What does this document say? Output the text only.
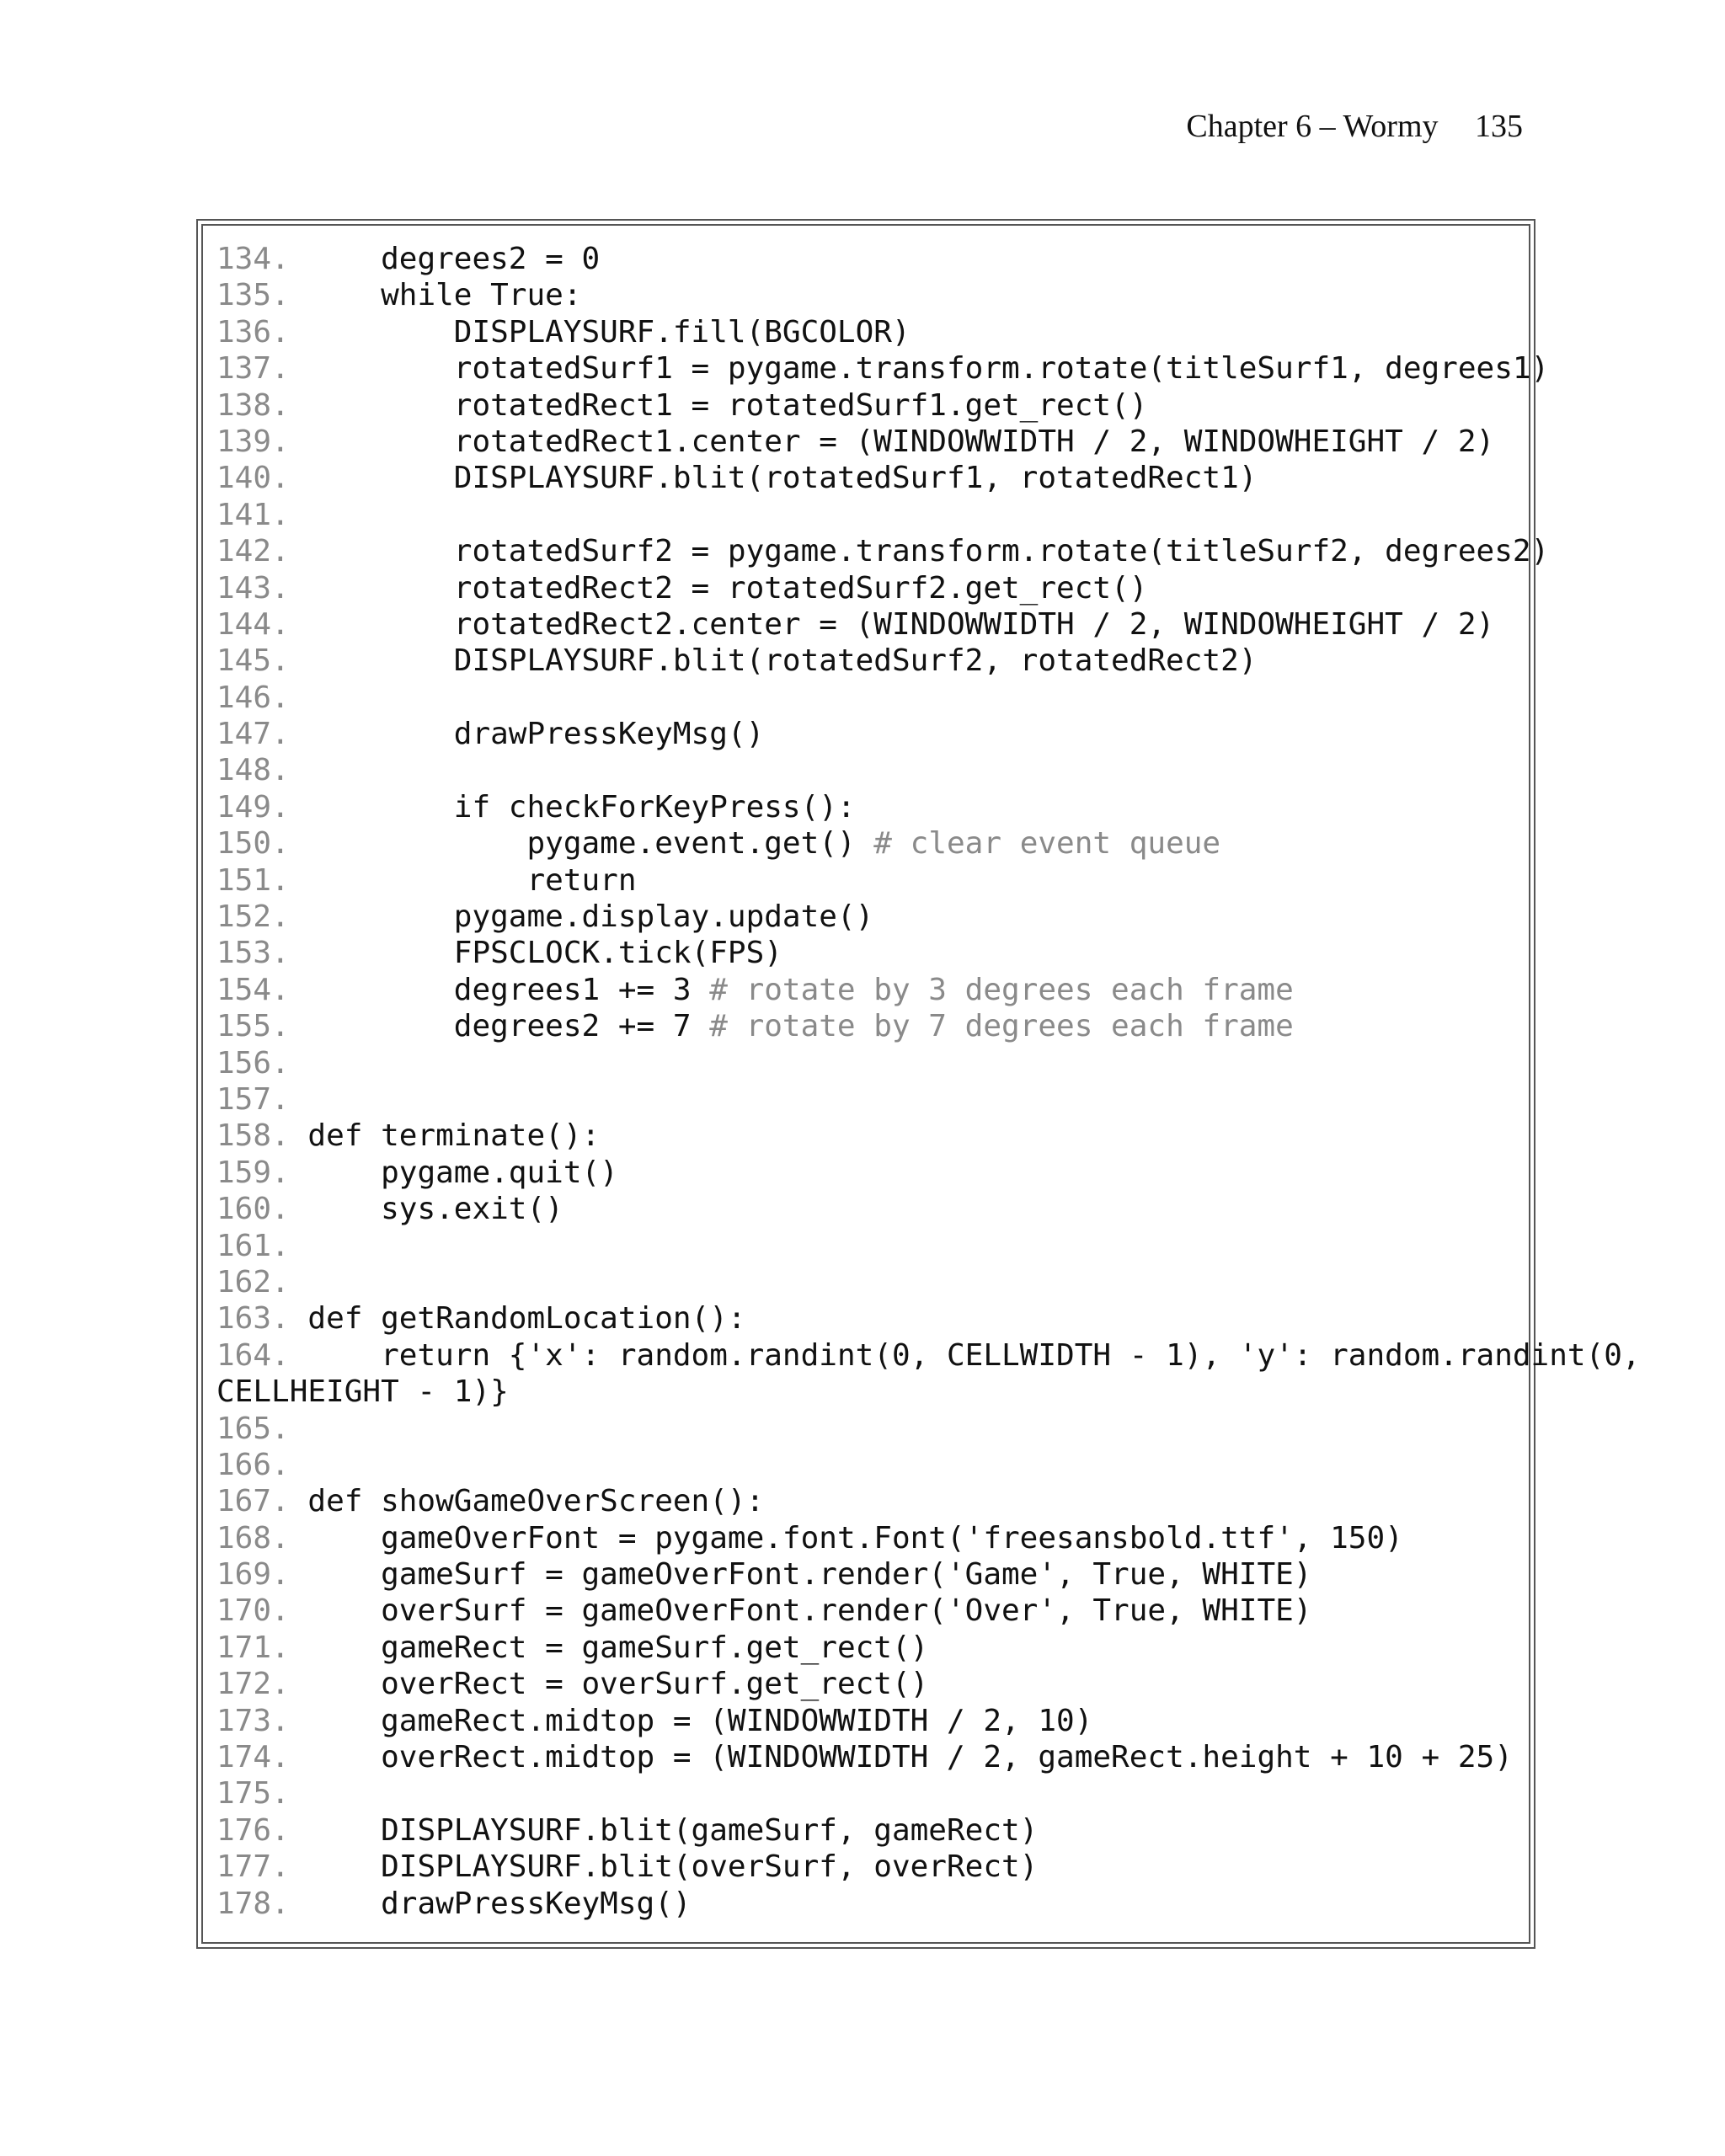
Chapter 6 – Wormy 135
134.	degrees2 = 0
135.	while True:
136.	DISPLAYSURF.fill(BGCOLOR)
137.	rotatedSurf1 = pygame.transform.rotate(titleSurf1, degrees1)
138.	rotatedRect1 = rotatedSurf1.get_rect()
139.	rotatedRect1.center = (WINDOWWIDTH / 2, WINDOWHEIGHT / 2)
140.	DISPLAYSURF.blit(rotatedSurf1, rotatedRect1)
141.
142.	rotatedSurf2 = pygame.transform.rotate(titleSurf2, degrees2)
143.	rotatedRect2 = rotatedSurf2.get_rect()
144.	rotatedRect2.center = (WINDOWWIDTH / 2, WINDOWHEIGHT / 2)
145.	DISPLAYSURF.blit(rotatedSurf2, rotatedRect2)
146.
147.	drawPressKeyMsg()
148.
149.	if checkForKeyPress():
150.	pygame.event.get() # clear event queue
151.	return
152.	pygame.display.update()
153.	FPSCLOCK.tick(FPS)
154.	degrees1 += 3 # rotate by 3 degrees each frame
155.	degrees2 += 7 # rotate by 7 degrees each frame
156.
157.
158. def terminate():
159.	pygame.quit()
160.	sys.exit()
161.
162.
163. def getRandomLocation():
164.	return {'x': random.randint(0, CELLWIDTH - 1), 'y': random.randint(0,
CELLHEIGHT - 1)}
165.
166.
167. def showGameOverScreen():
168.	gameOverFont = pygame.font.Font('freesansbold.ttf', 150)
169.	gameSurf = gameOverFont.render('Game', True, WHITE)
170.	overSurf = gameOverFont.render('Over', True, WHITE)
171.	gameRect = gameSurf.get_rect()
172.	overRect = overSurf.get_rect()
173.	gameRect.midtop = (WINDOWWIDTH / 2, 10)
174.	overRect.midtop = (WINDOWWIDTH / 2, gameRect.height + 10 + 25)
175.
176.	DISPLAYSURF.blit(gameSurf, gameRect)
177.	DISPLAYSURF.blit(overSurf, overRect)
178.	drawPressKeyMsg()
